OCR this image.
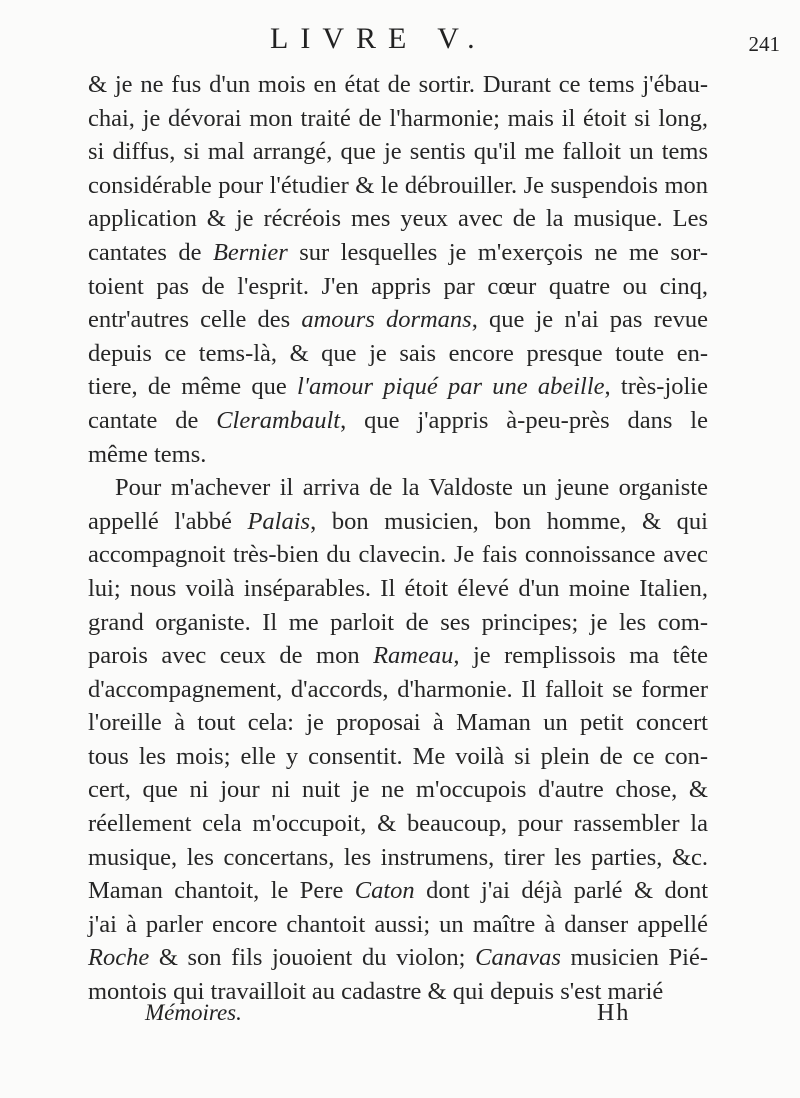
LIVRE V.	241
& je ne fus d'un mois en état de sortir. Durant ce tems j'ébau-
chai, je dévorai mon traité de l'harmonie; mais il étoit si long,
si diffus, si mal arrangé, que je sentis qu'il me falloit un tems
considérable pour l'étudier & le débrouiller. Je suspendois mon
application & je récréois mes yeux avec de la musique. Les
cantates de Bernier sur lesquelles je m'exerçois ne me sor-
toient pas de l'esprit. J'en appris par cœur quatre ou cinq,
entr'autres celle des amours dormans, que je n'ai pas revue
depuis ce tems-là, & que je sais encore presque toute en-
tiere, de même que l'amour piqué par une abeille, très-jolie
cantate de Clerambault, que j'appris à-peu-près dans le
même tems.
Pour m'achever il arriva de la Valdoste un jeune organiste
appellé l'abbé Palais, bon musicien, bon homme, & qui
accompagnoit très-bien du clavecin. Je fais connoissance avec
lui; nous voilà inséparables. Il étoit élevé d'un moine Italien,
grand organiste. Il me parloit de ses principes; je les com-
parois avec ceux de mon Rameau, je remplissois ma tête
d'accompagnement, d'accords, d'harmonie. Il falloit se former
l'oreille à tout cela: je proposai à Maman un petit concert
tous les mois; elle y consentit. Me voilà si plein de ce con-
cert, que ni jour ni nuit je ne m'occupois d'autre chose, &
réellement cela m'occupoit, & beaucoup, pour rassembler la
musique, les concertans, les instrumens, tirer les parties, &c.
Maman chantoit, le Pere Caton dont j'ai déjà parlé & dont
j'ai à parler encore chantoit aussi; un maître à danser appellé
Roche & son fils jouoient du violon; Canavas musicien Pié-
montois qui travailloit au cadastre & qui depuis s'est marié
Mémoires.	Hh
